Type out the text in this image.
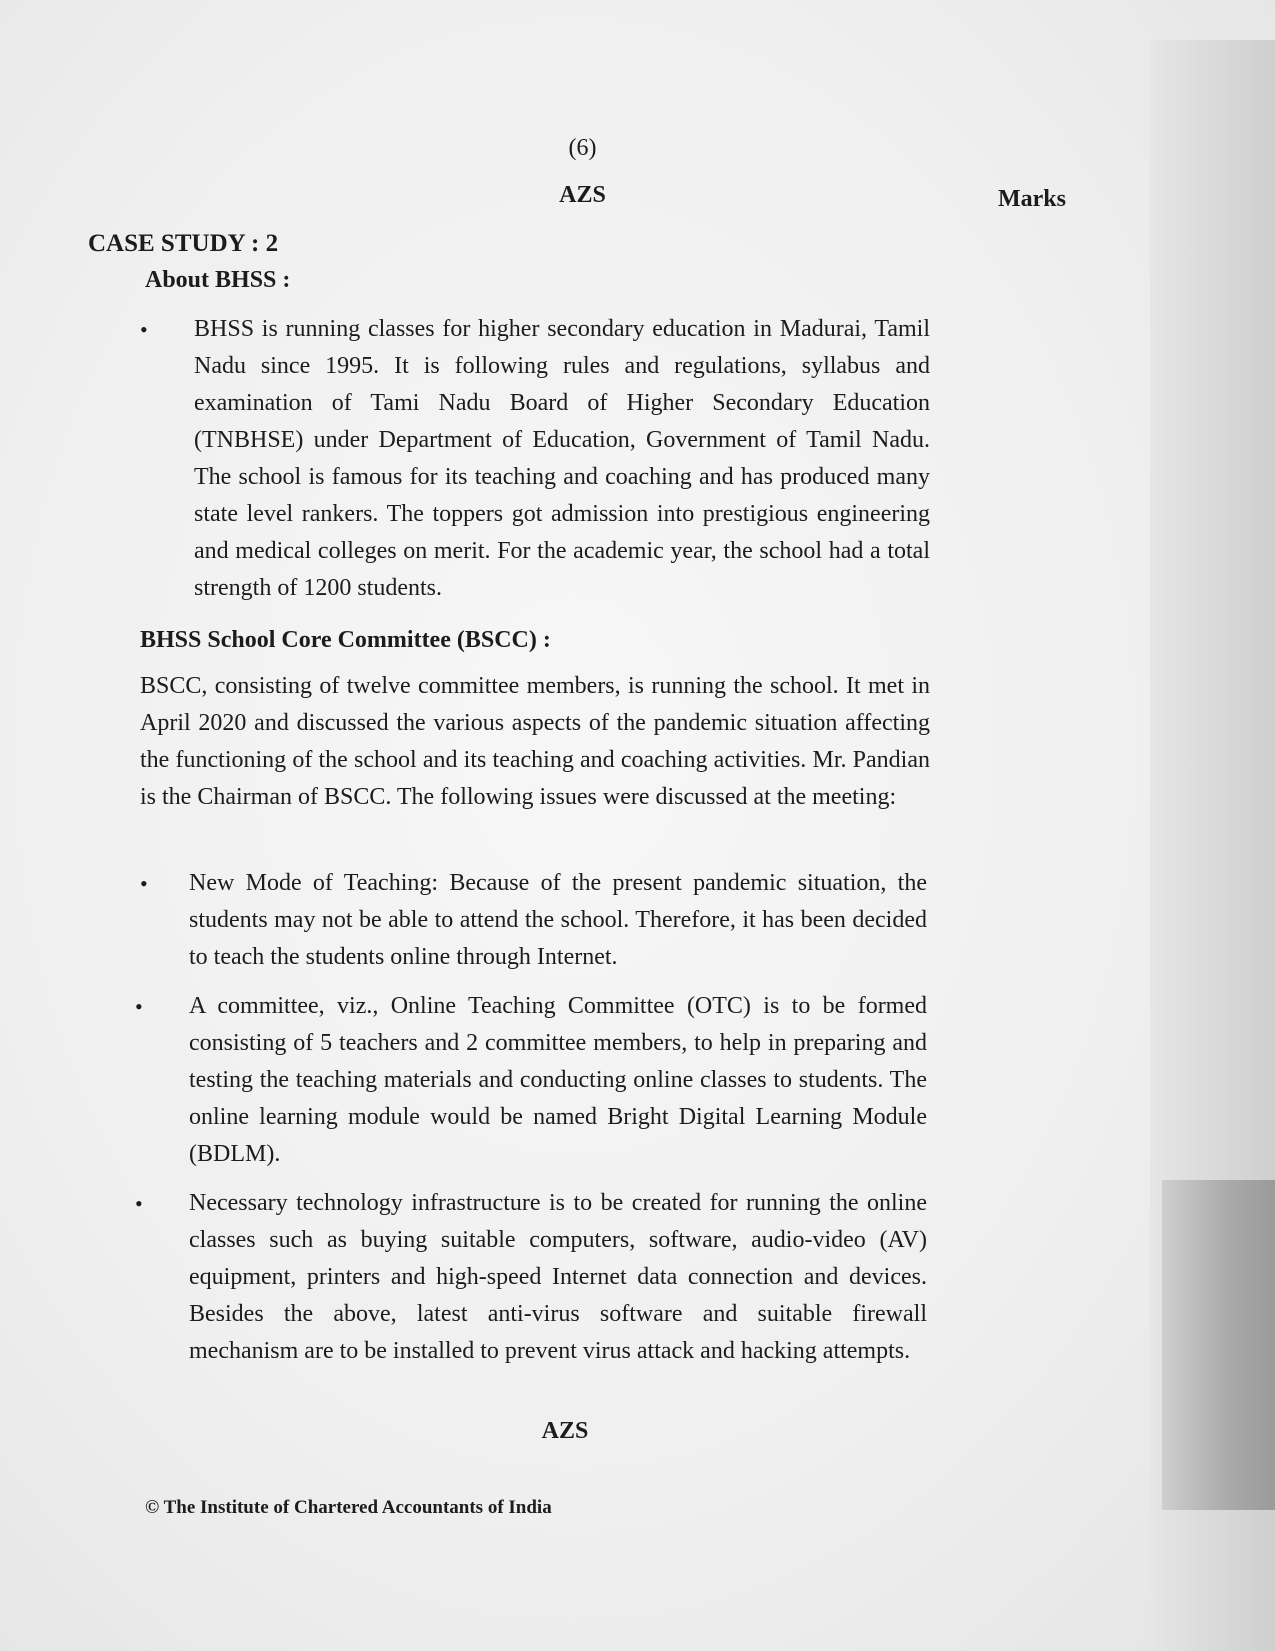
(6)
AZS	Marks
CASE STUDY : 2
About BHSS :
• BHSS is running classes for higher secondary education in Madurai, Tamil Nadu since 1995. It is following rules and regulations, syllabus and examination of Tami Nadu Board of Higher Secondary Education (TNBHSE) under Department of Education, Government of Tamil Nadu. The school is famous for its teaching and coaching and has produced many state level rankers. The toppers got admission into prestigious engineering and medical colleges on merit. For the academic year, the school had a total strength of 1200 students.
BHSS School Core Committee (BSCC) :
BSCC, consisting of twelve committee members, is running the school. It met in April 2020 and discussed the various aspects of the pandemic situation affecting the functioning of the school and its teaching and coaching activities. Mr. Pandian is the Chairman of BSCC. The following issues were discussed at the meeting:
• New Mode of Teaching: Because of the present pandemic situation, the students may not be able to attend the school. Therefore, it has been decided to teach the students online through Internet.
• A committee, viz., Online Teaching Committee (OTC) is to be formed consisting of 5 teachers and 2 committee members, to help in preparing and testing the teaching materials and conducting online classes to students. The online learning module would be named Bright Digital Learning Module (BDLM).
• Necessary technology infrastructure is to be created for running the online classes such as buying suitable computers, software, audio-video (AV) equipment, printers and high-speed Internet data connection and devices. Besides the above, latest anti-virus software and suitable firewall mechanism are to be installed to prevent virus attack and hacking attempts.
AZS
© The Institute of Chartered Accountants of India
